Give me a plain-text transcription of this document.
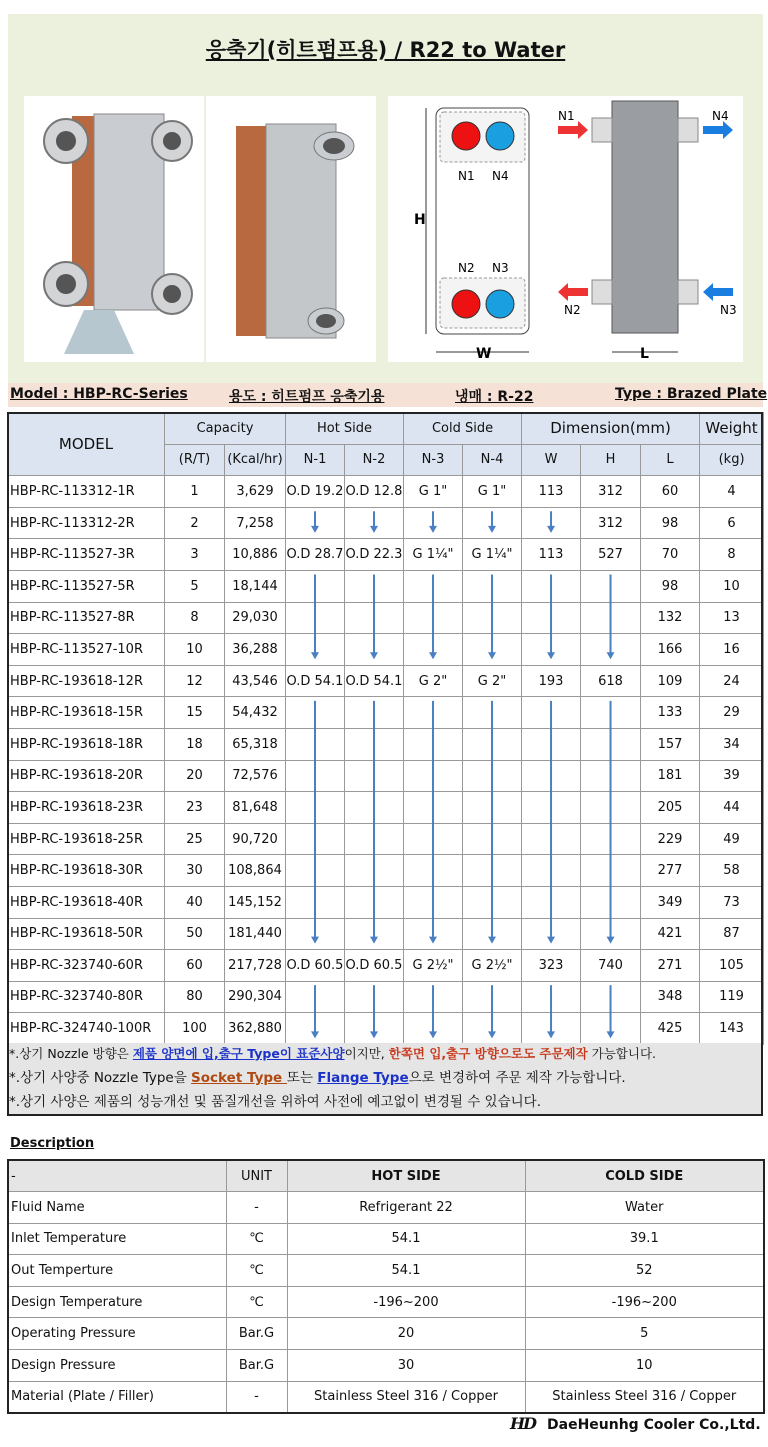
응축기(히트펌프용) / R22 to Water
N1 N4
N2 N3
H
W
N1	N4
N2	N3
L
Model : HBP-RC-Series	용도 : 히트펌프 응축기용	냉매 : R-22	Type : Brazed Plate
MODEL	Capacity		Hot Side		Cold Side		Dimension(mm)			Weight
	(R/T)	(Kcal/hr)	N-1	N-2	N-3	N-4	W	H	L	(kg)
HBP-RC-113312-1R	1	3,629	O.D 19.2	O.D 12.8	G 1"	G 1"	113	312	60	4
HBP-RC-113312-2R	2	7,258						312	98	6
HBP-RC-113527-3R	3	10,886	O.D 28.7	O.D 22.3	G 1¼"	G 1¼"	113	527	70	8
HBP-RC-113527-5R	5	18,144							98	10
HBP-RC-113527-8R	8	29,030							132	13
HBP-RC-113527-10R	10	36,288							166	16
HBP-RC-193618-12R	12	43,546	O.D 54.1	O.D 54.1	G 2"	G 2"	193	618	109	24
HBP-RC-193618-15R	15	54,432							133	29
HBP-RC-193618-18R	18	65,318							157	34
HBP-RC-193618-20R	20	72,576							181	39
HBP-RC-193618-23R	23	81,648							205	44
HBP-RC-193618-25R	25	90,720							229	49
HBP-RC-193618-30R	30	108,864							277	58
HBP-RC-193618-40R	40	145,152							349	73
HBP-RC-193618-50R	50	181,440							421	87
HBP-RC-323740-60R	60	217,728	O.D 60.5	O.D 60.5	G 2½"	G 2½"	323	740	271	105
HBP-RC-323740-80R	80	290,304							348	119
HBP-RC-324740-100R	100	362,880							425	143
*.상기 Nozzle 방향은 제품 양면에 입,출구 Type이 표준사양이지만, 한쪽면 입,출구 방향으로도 주문제작 가능합니다.
*.상기 사양중 Nozzle Type을 Socket Type 또는 Flange Type으로 변경하여 주문 제작 가능합니다.
*.상기 사양은 제품의 성능개선 및 품질개선을 위하여 사전에 예고없이 변경될 수 있습니다.
Description
-	UNIT	HOT SIDE	COLD SIDE
Fluid Name	-	Refrigerant 22	Water
Inlet Temperature	℃	54.1	39.1
Out Temperture	℃	54.1	52
Design Temperature	℃	-196~200	-196~200
Operating Pressure	Bar.G	20	5
Design Pressure	Bar.G	30	10
Material (Plate / Filler)	-	Stainless Steel 316 / Copper	Stainless Steel 316 / Copper
HD DaeHeunhg Cooler Co.,Ltd.
